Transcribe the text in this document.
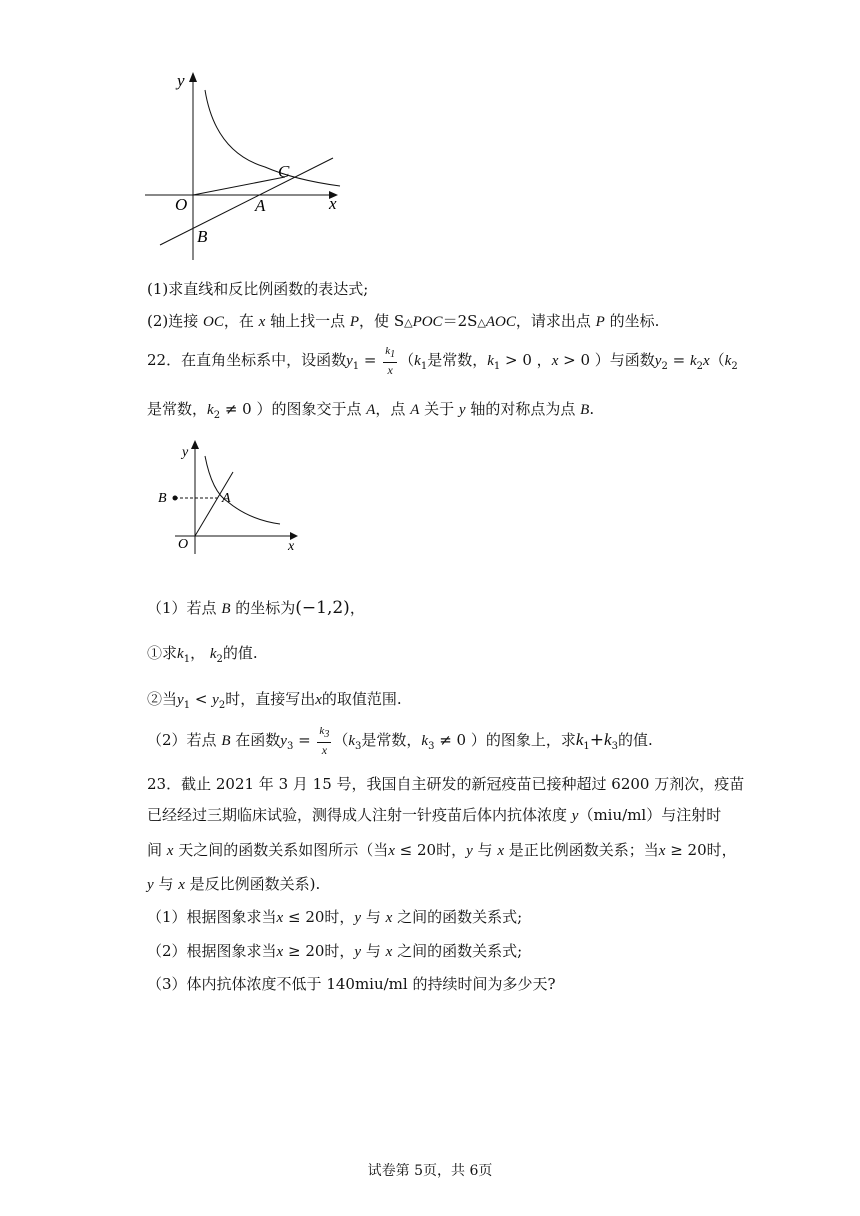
y
x
O	A
B
C
(1)求直线和反比例函数的表达式;
(2)连接 OC，在 x 轴上找一点 P，使 S△POC＝2S△AOC，请求出点 P 的坐标.
22．在直角坐标系中，设函数$y_1 = \frac{k_1}{x} (k_1$是常数，$k_1 > 0$ ，x > 0 ）与函数$y_2 = k_2x(k_2$
是常数，$k_2 \ne 0$ ）的图象交于点 A，点 A 关于 y 轴的对称点为点 B.
y
x
O
A
B
（1）若点 B 的坐标为(−1,2)，
①求$k_1$， $k_2$的值.
②当$y_1 < y_2$时，直接写出x的取值范围.
（2）若点 B 在函数$y_3 = \frac{k_3}{x} (k_3$是常数，$k_3 \ne 0$ ）的图象上，求$k_1+k_3$的值.
23．截止 2021 年 3 月 15 号，我国自主研发的新冠疫苗已接种超过 6200 万剂次，疫苗
已经经过三期临床试验，测得成人注射一针疫苗后体内抗体浓度 y（miu/ml）与注射时
间 x 天之间的函数关系如图所示（当x ≤ 20时，y 与 x 是正比例函数关系；当x ≥ 20时，
y 与 x 是反比例函数关系).
（1）根据图象求当x ≤ 20时，y 与 x 之间的函数关系式;
（2）根据图象求当x ≥ 20时，y 与 x 之间的函数关系式;
（3）体内抗体浓度不低于 140miu/ml 的持续时间为多少天?
试卷第 5页，共 6页
